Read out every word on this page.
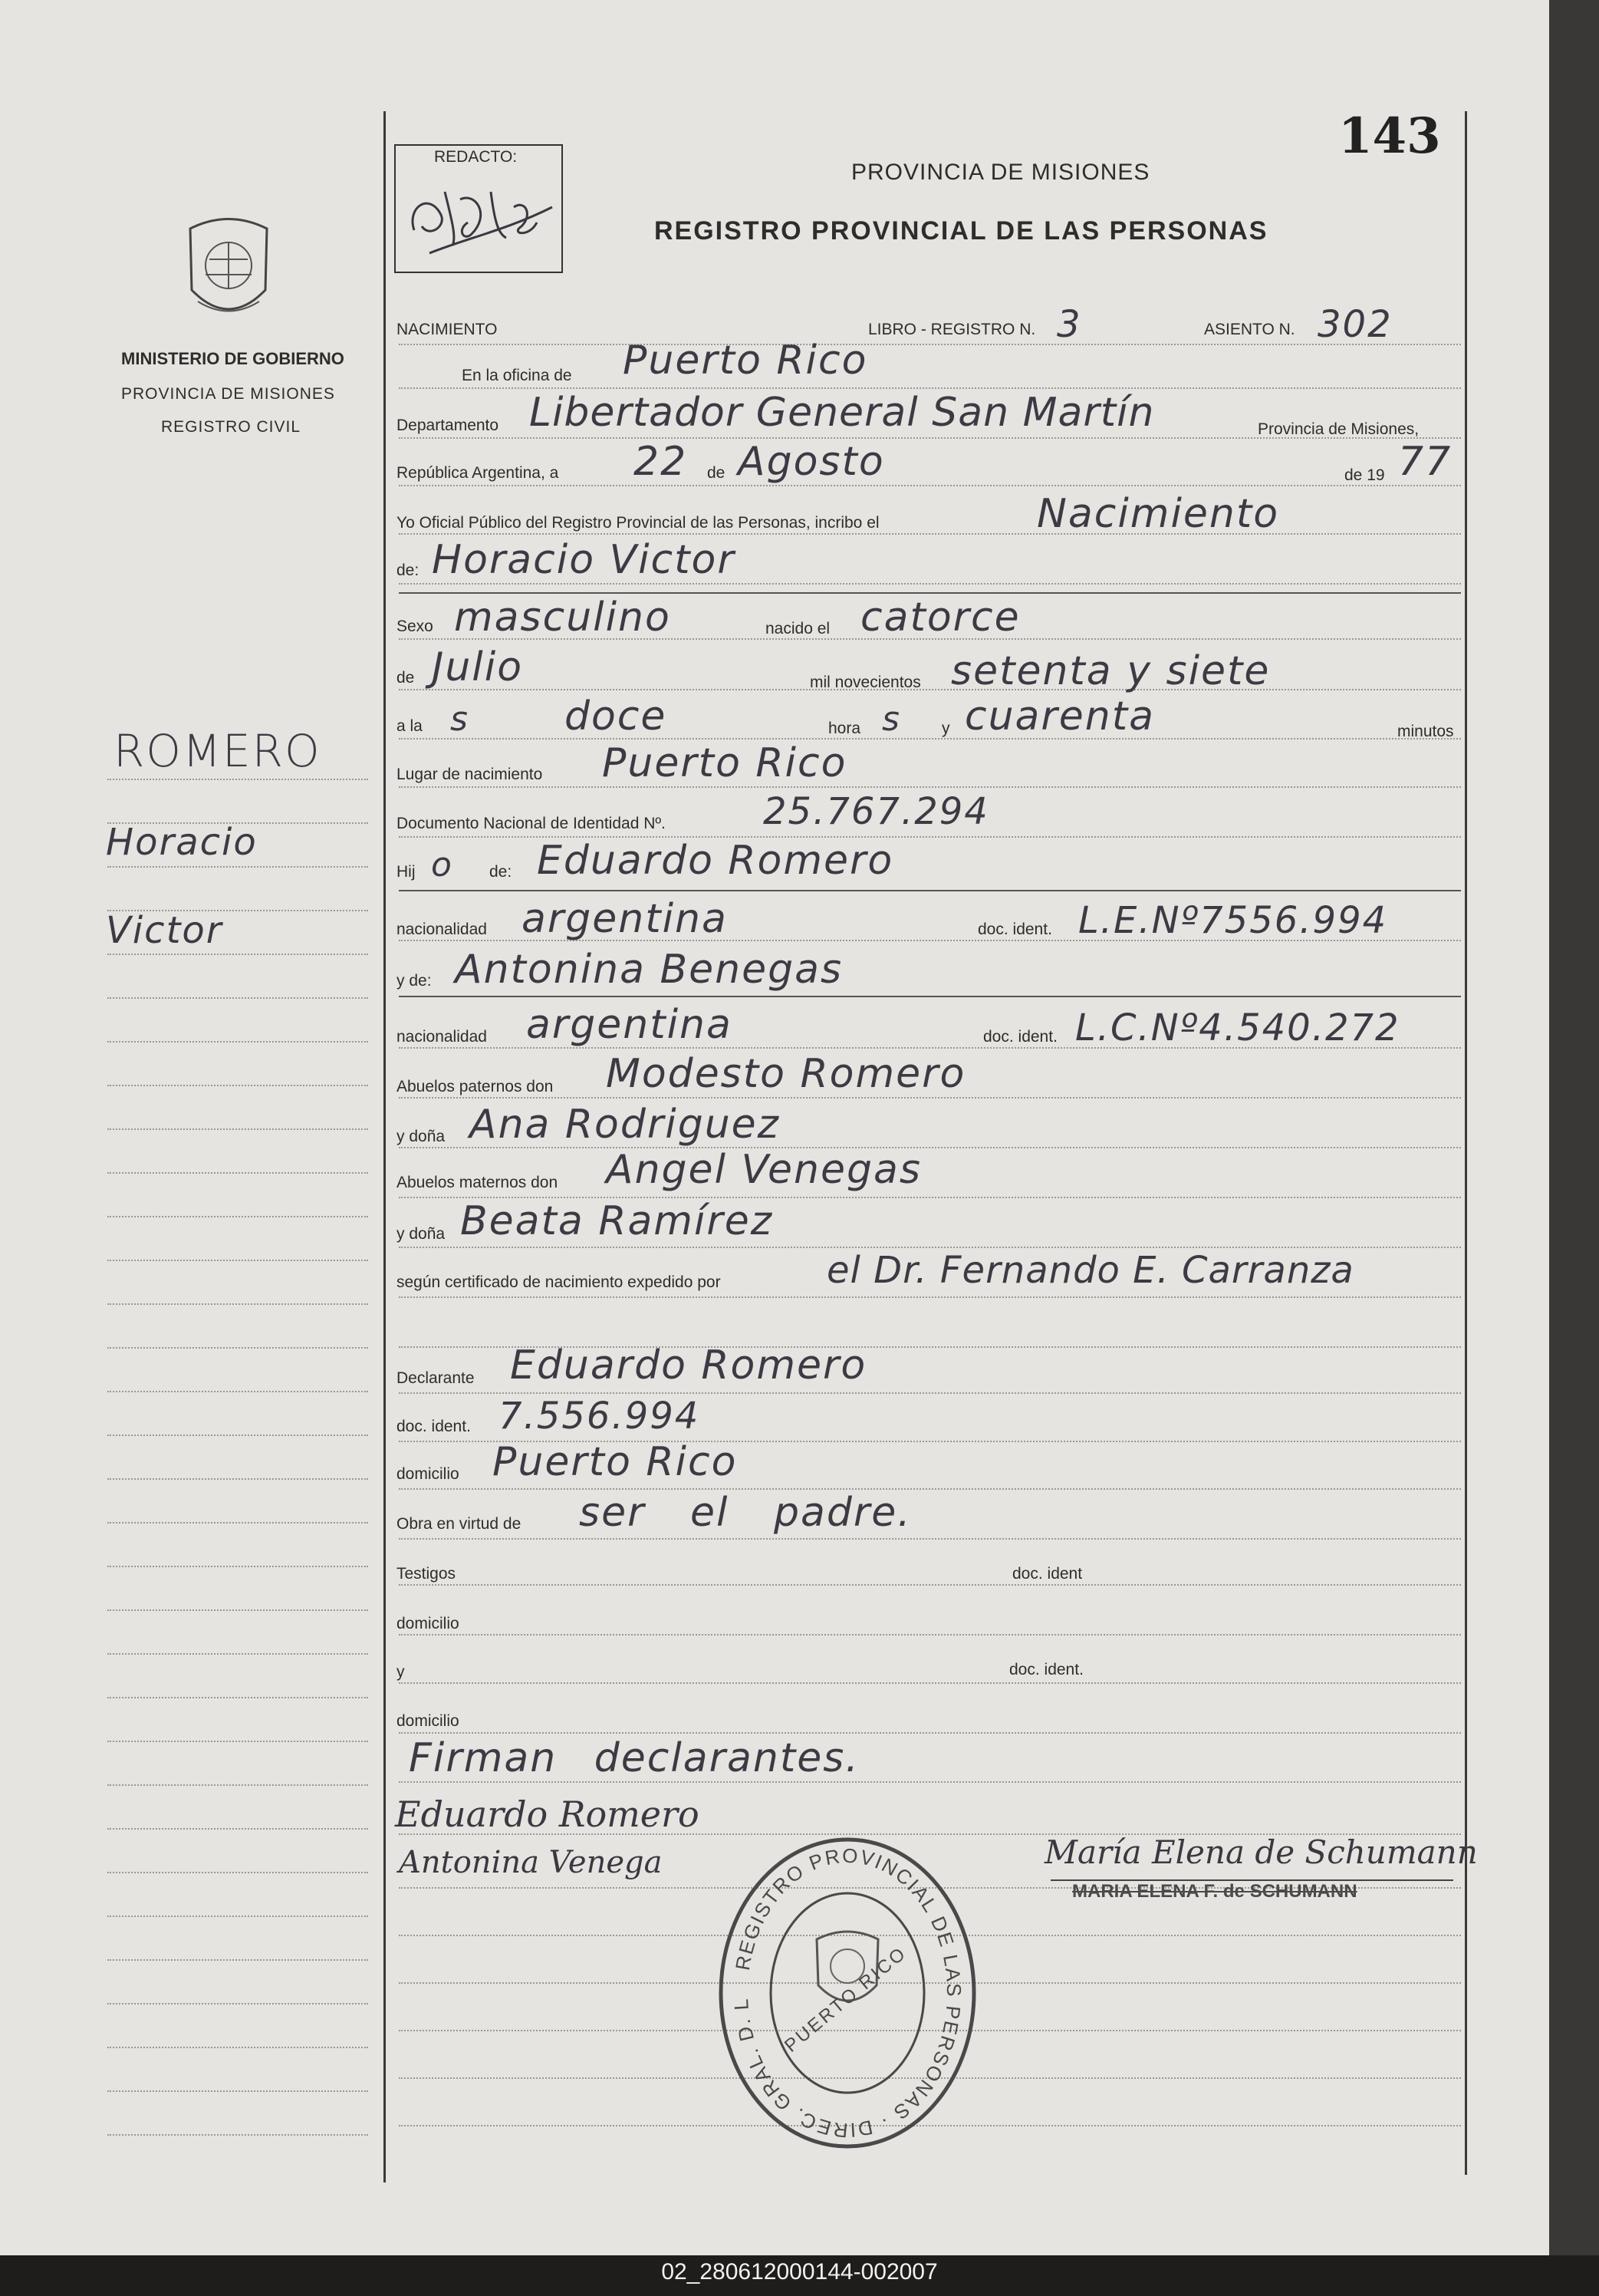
143
REDACTO:
PROVINCIA DE MISIONES
REGISTRO PROVINCIAL DE LAS PERSONAS
MINISTERIO DE GOBIERNO
PROVINCIA DE MISIONES
REGISTRO CIVIL
ROMERO
Horacio
Victor
NACIMIENTO	LIBRO - REGISTRO N. 3	ASIENTO N. 302
En la oficina de Puerto Rico
Departamento Libertador General San Martín	Provincia de Misiones,
República Argentina, a 22 de Agosto	de 19 77
Yo Oficial Público del Registro Provincial de las Personas, incribo el	Nacimiento
de: Horacio Victor
Sexo masculino	nacido el catorce
de Julio	mil novecientos setenta y siete
a la s doce	hora s	y cuarenta	minutos
Lugar de nacimiento Puerto Rico
Documento Nacional de Identidad Nº.	25.767.294
Hij o de: Eduardo Romero
nacionalidad argentina	doc. ident. L.E.Nº7556.994
y de: Antonina Benegas
nacionalidad argentina	doc. ident. L.C.Nº4.540.272
Abuelos paternos don Modesto Romero
y doña Ana Rodriguez
Abuelos maternos don Angel Venegas
y doña Beata Ramírez
según certificado de nacimiento expedido por	el Dr. Fernando E. Carranza
Declarante Eduardo Romero
doc. ident. 7.556.994
domicilio Puerto Rico
Obra en virtud de ser el padre.
Testigos	doc. ident
domicilio
y	doc. ident.
domicilio
Firman declarantes.
Eduardo Romero
Antonina Venega	María Elena de Schumann
MARIA ELENA F. de SCHUMANN
REGISTRO PROVINCIAL DE LAS PERSONAS · DIREC. GRAL. D. L	PUERTO RICO
02_280612000144-002007
